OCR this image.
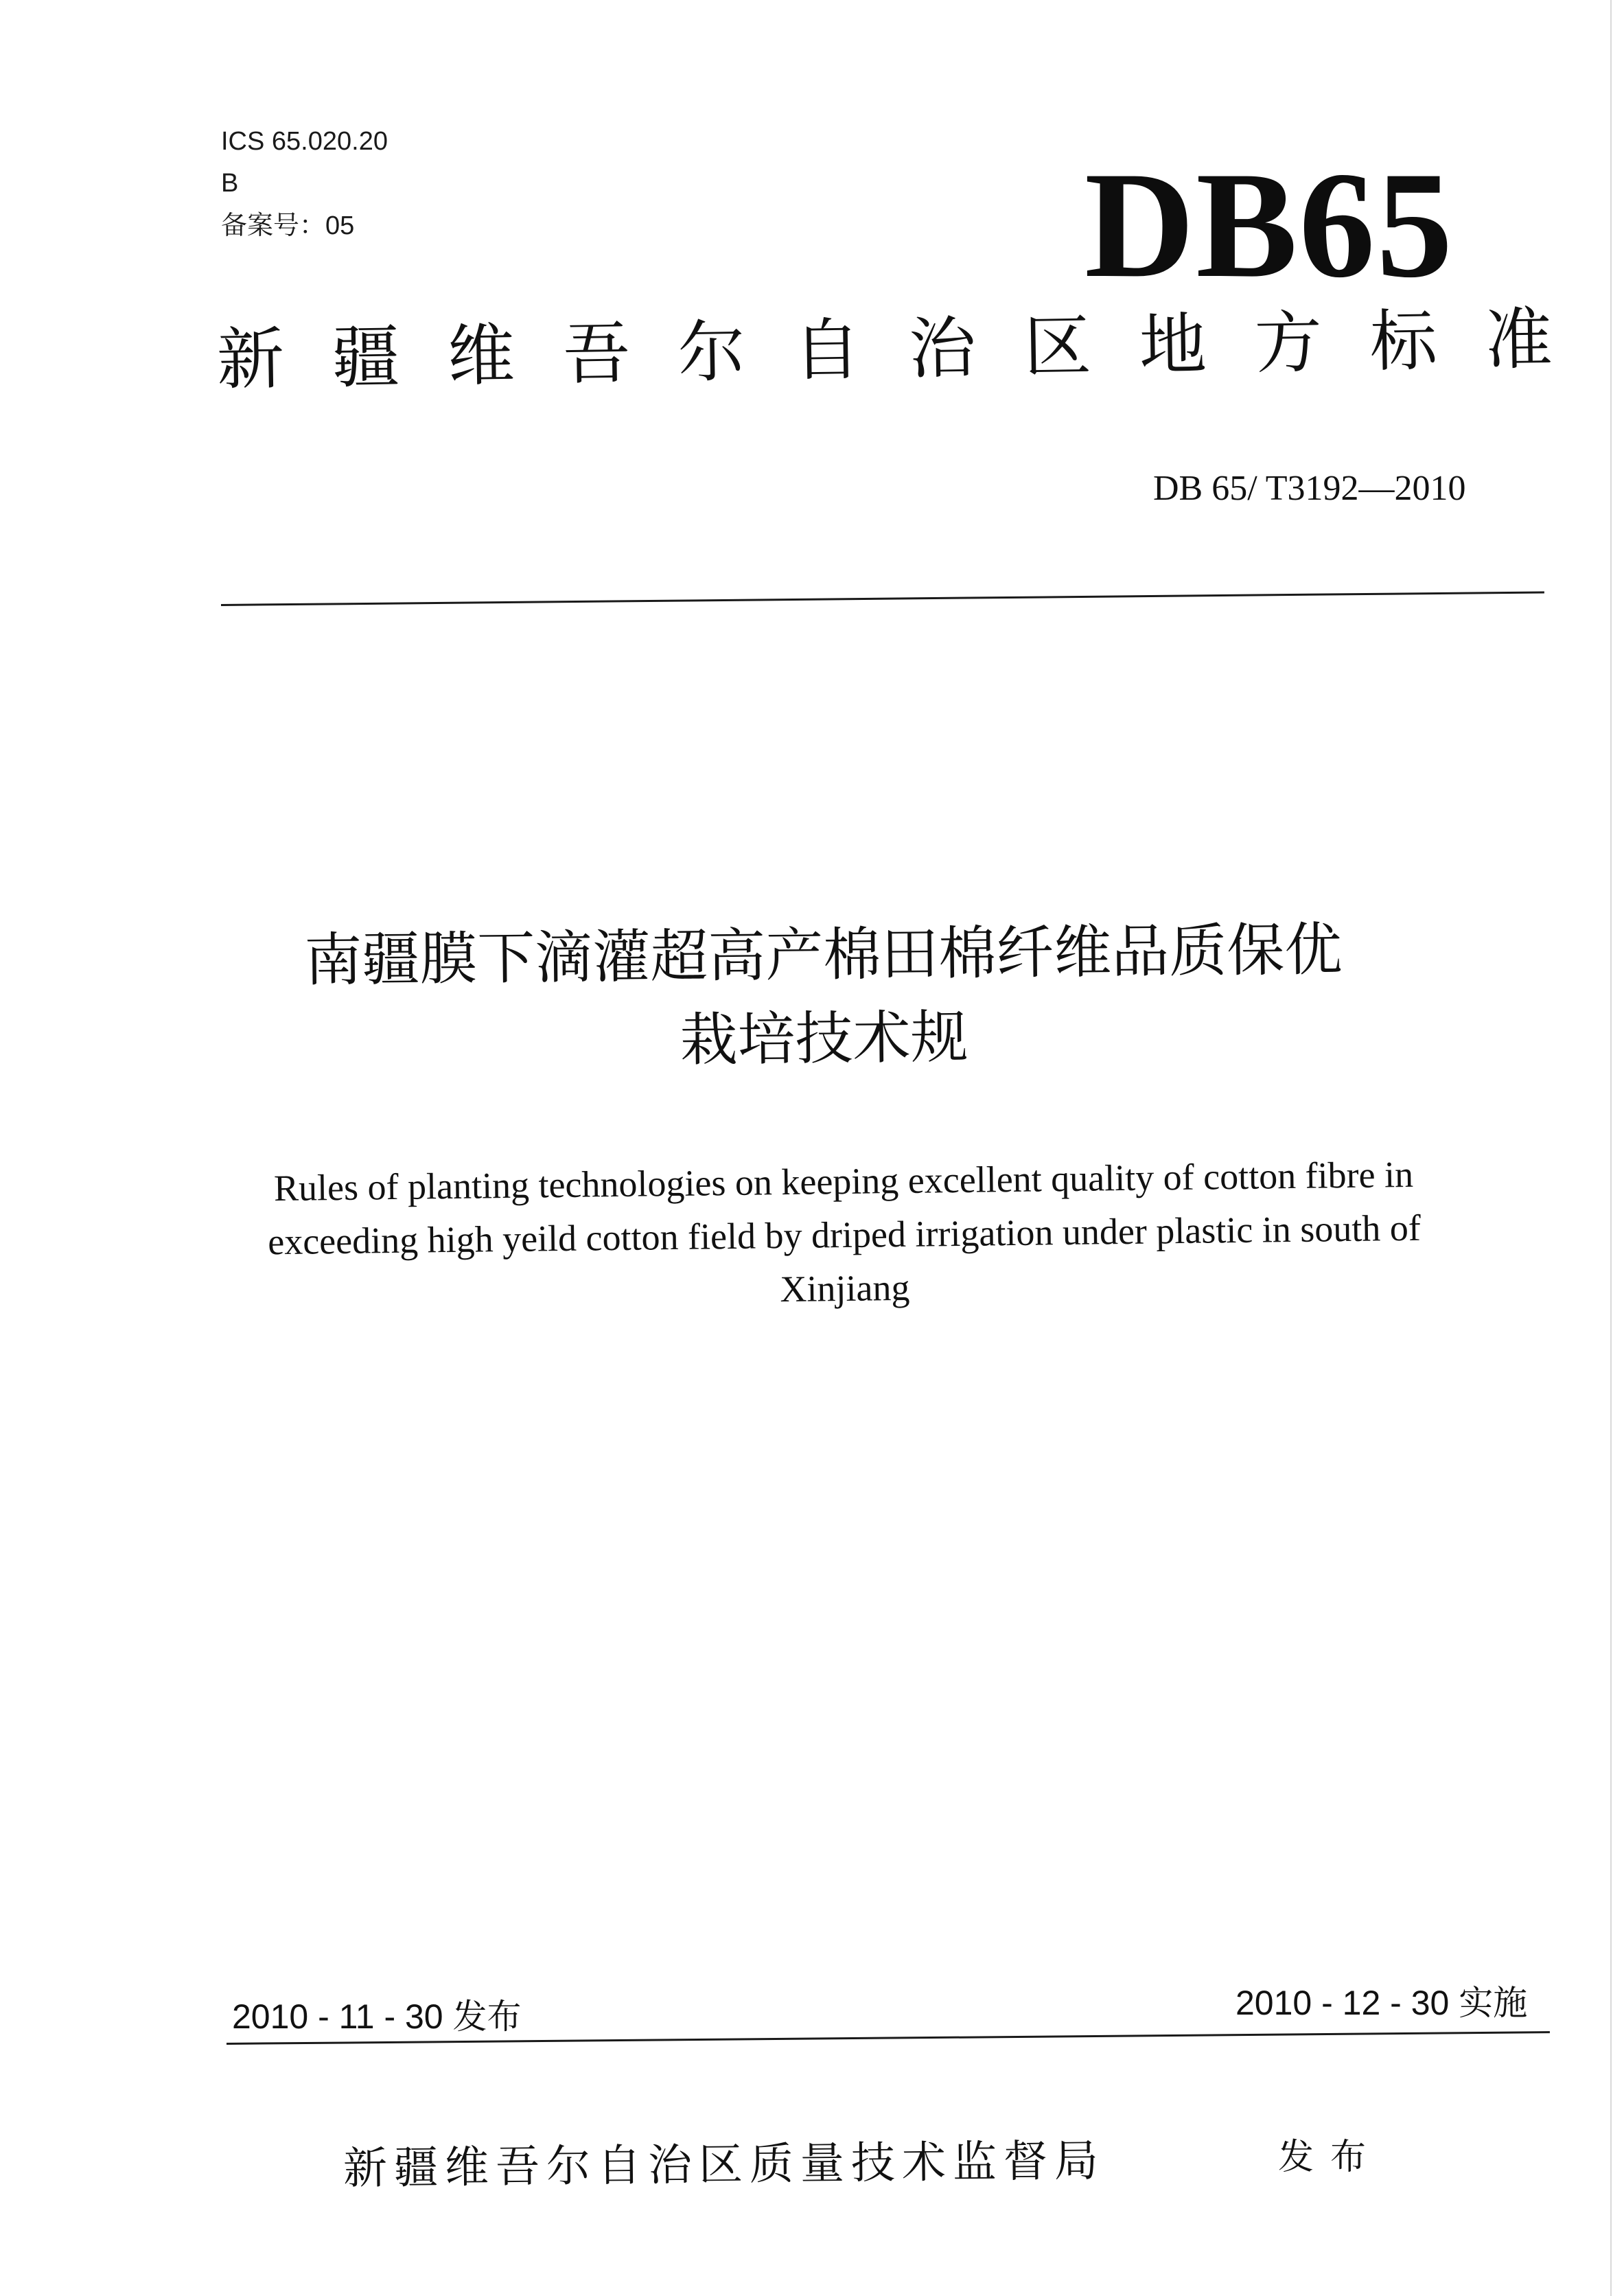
ICS 65.020.20
B
备案号：05	DB65
新疆维吾尔自治区地方标准
DB 65/ T3192—2010
南疆膜下滴灌超高产棉田棉纤维品质保优
栽培技术规
Rules of planting technologies on keeping excellent quality of cotton fibre in
exceeding high yeild cotton field by driped irrigation under plastic in south of
Xinjiang
2010 - 11 - 30 发布	2010 - 12 - 30 实施
新疆维吾尔自治区质量技术监督局	发布
